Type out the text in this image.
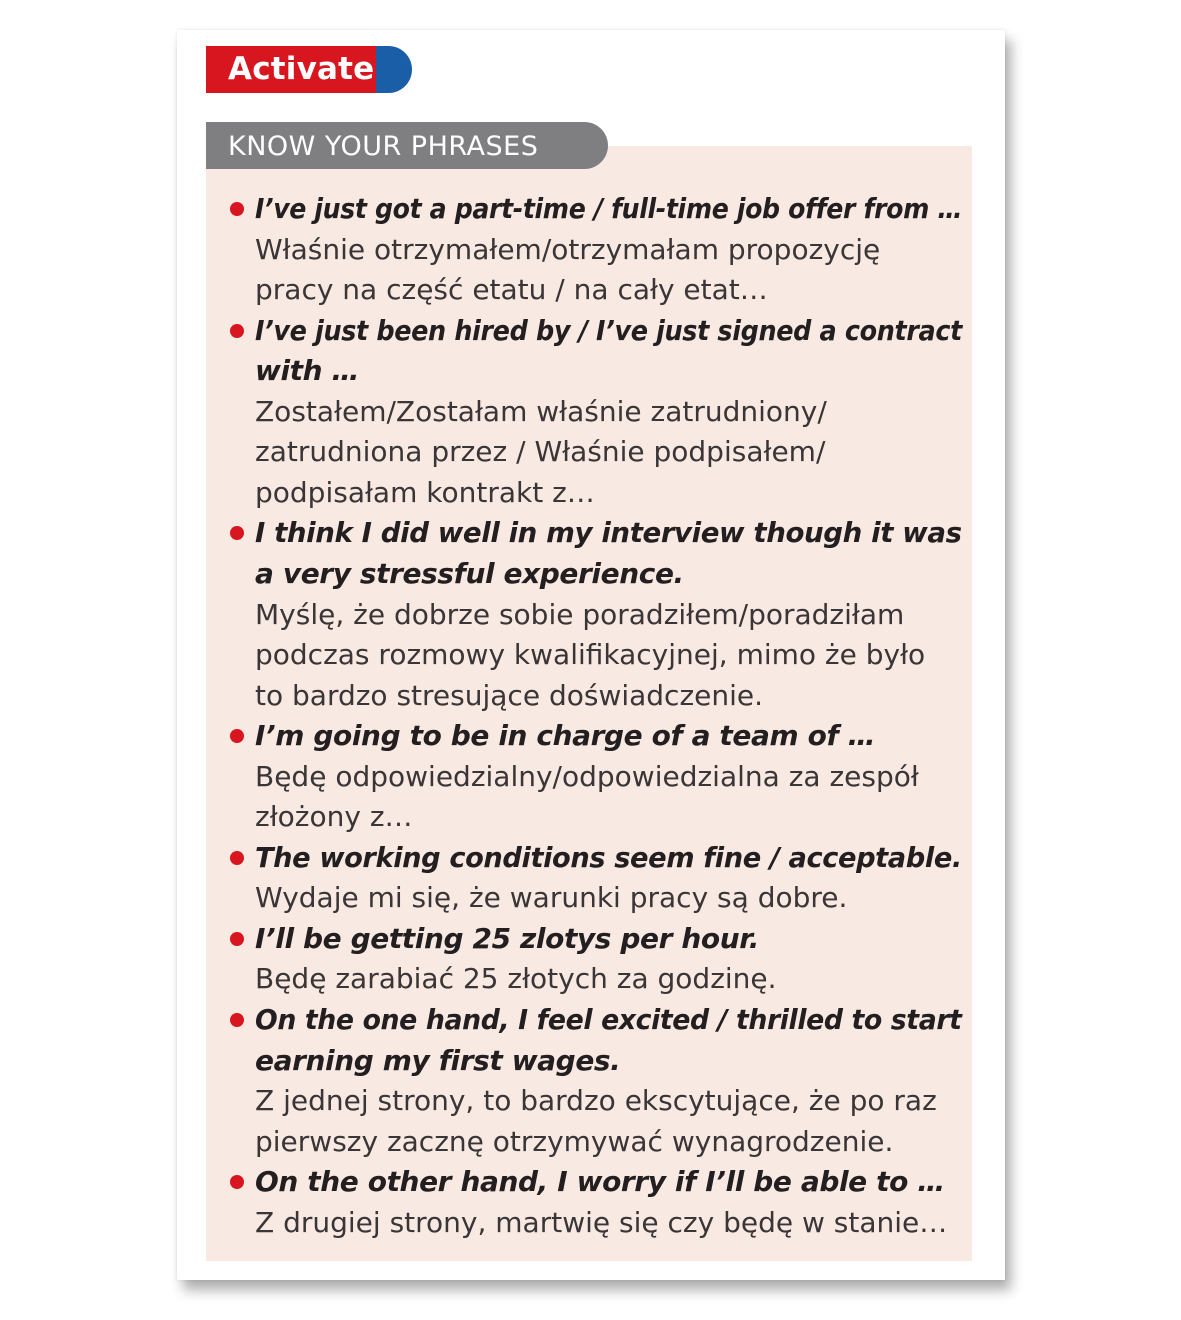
Activate
KNOW YOUR PHRASES
I’ve just got a part-time / full-time job offer from …
Właśnie otrzymałem/otrzymałam propozycję
pracy na część etatu / na cały etat…
I’ve just been hired by / I’ve just signed a contract
with …
Zostałem/Zostałam właśnie zatrudniony/
zatrudniona przez / Właśnie podpisałem/
podpisałam kontrakt z…
I think I did well in my interview though it was
a very stressful experience.
Myślę, że dobrze sobie poradziłem/poradziłam
podczas rozmowy kwalifikacyjnej, mimo że było
to bardzo stresujące doświadczenie.
I’m going to be in charge of a team of …
Będę odpowiedzialny/odpowiedzialna za zespół
złożony z…
The working conditions seem fine / acceptable.
Wydaje mi się, że warunki pracy są dobre.
I’ll be getting 25 zlotys per hour.
Będę zarabiać 25 złotych za godzinę.
On the one hand, I feel excited / thrilled to start
earning my first wages.
Z jednej strony, to bardzo ekscytujące, że po raz
pierwszy zacznę otrzymywać wynagrodzenie.
On the other hand, I worry if I’ll be able to …
Z drugiej strony, martwię się czy będę w stanie…
